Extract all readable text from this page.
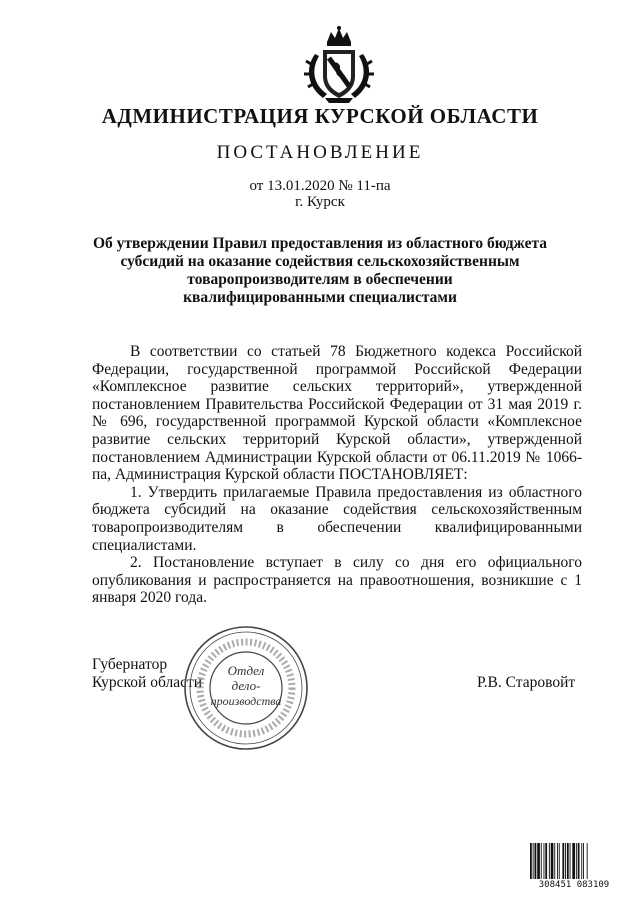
АДМИНИСТРАЦИЯ КУРСКОЙ ОБЛАСТИ
ПОСТАНОВЛЕНИЕ
от 13.01.2020 № 11-па
г. Курск
Об утверждении Правил предоставления из областного бюджета
субсидий на оказание содействия сельскохозяйственным
товаропроизводителям в обеспечении
квалифицированными специалистами

В соответствии со статьей 78 Бюджетного кодекса Российской Федерации, государственной программой Российской Федерации «Комплексное развитие сельских территорий», утвержденной постановлением Правительства Российской Федерации от 31 мая 2019 г. № 696, государственной программой Курской области «Комплексное развитие сельских территорий Курской области», утвержденной постановлением Администрации Курской области от 06.11.2019 № 1066-па, Администрация Курской области ПОСТАНОВЛЯЕТ:

1. Утвердить прилагаемые Правила предоставления из областного бюджета субсидий на оказание содействия сельскохозяйственным товаропроизводителям в обеспечении квалифицированными специалистами.

2. Постановление вступает в силу со дня его официального опубликования и распространяется на правоотношения, возникшие с 1 января 2020 года.

Губернатор
Курской области
Отдел
дело-
производства
Р.В. Старовойт
308451 083109
